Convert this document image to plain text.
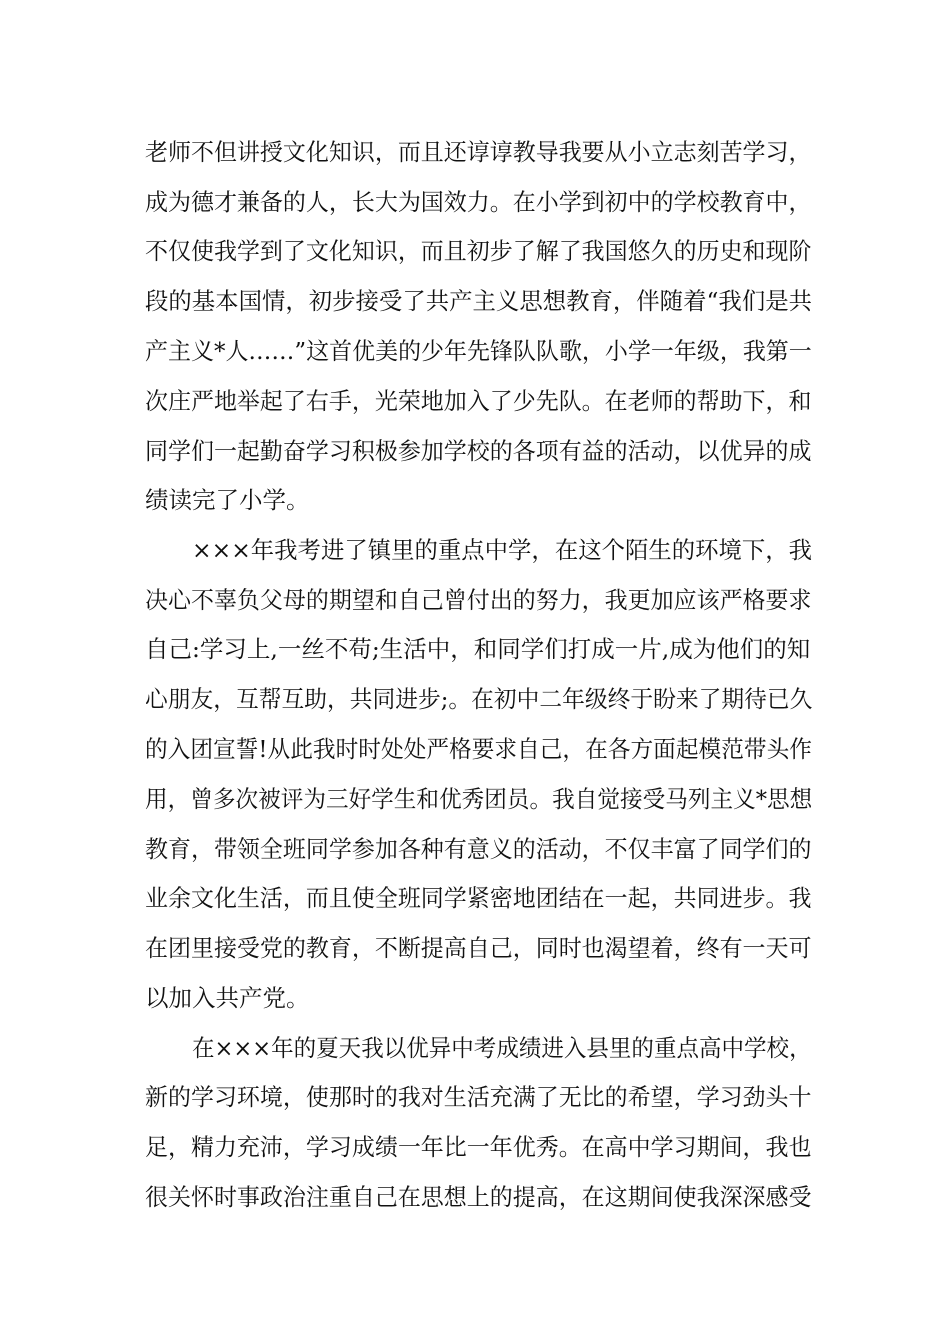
老师不但讲授文化知识，而且还谆谆教导我要从小立志刻苦学习，
成为德才兼备的人，长大为国效力。在小学到初中的学校教育中，
不仅使我学到了文化知识，而且初步了解了我国悠久的历史和现阶
段的基本国情，初步接受了共产主义思想教育，伴随着“我们是共
产主义*人……”这首优美的少年先锋队队歌，小学一年级，我第一
次庄严地举起了右手，光荣地加入了少先队。在老师的帮助下，和
同学们一起勤奋学习积极参加学校的各项有益的活动，以优异的成
绩读完了小学。
×××年我考进了镇里的重点中学，在这个陌生的环境下，我
决心不辜负父母的期望和自己曾付出的努力，我更加应该严格要求
自己:学习上,一丝不苟;生活中，和同学们打成一片,成为他们的知
心朋友，互帮互助，共同进步;。在初中二年级终于盼来了期待已久
的入团宣誓!从此我时时处处严格要求自己，在各方面起模范带头作
用，曾多次被评为三好学生和优秀团员。我自觉接受马列主义*思想
教育，带领全班同学参加各种有意义的活动，不仅丰富了同学们的
业余文化生活，而且使全班同学紧密地团结在一起，共同进步。我
在团里接受党的教育，不断提高自己，同时也渴望着，终有一天可
以加入共产党。
在×××年的夏天我以优异中考成绩进入县里的重点高中学校，
新的学习环境，使那时的我对生活充满了无比的希望，学习劲头十
足，精力充沛，学习成绩一年比一年优秀。在高中学习期间，我也
很关怀时事政治注重自己在思想上的提高，在这期间使我深深感受
